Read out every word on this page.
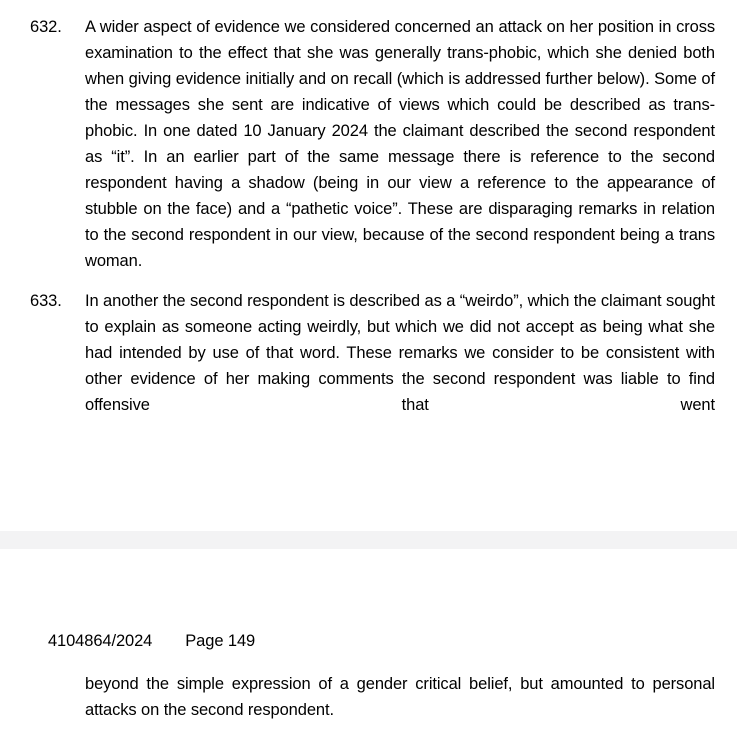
632.	A wider aspect of evidence we considered concerned an attack on her position in cross examination to the effect that she was generally trans-phobic, which she denied both when giving evidence initially and on recall (which is addressed further below). Some of the messages she sent are indicative of views which could be described as trans-phobic. In one dated 10 January 2024 the claimant described the second respondent as “it”. In an earlier part of the same message there is reference to the second respondent having a shadow (being in our view a reference to the appearance of stubble on the face) and a “pathetic voice”. These are disparaging remarks in relation to the second respondent in our view, because of the second respondent being a trans woman.
633.	In another the second respondent is described as a “weirdo”, which the claimant sought to explain as someone acting weirdly, but which we did not accept as being what she had intended by use of that word. These remarks we consider to be consistent with other evidence of her making comments the second respondent was liable to find offensive that went

4104864/2024 Page 149

beyond the simple expression of a gender critical belief, but amounted to personal attacks on the second respondent.
